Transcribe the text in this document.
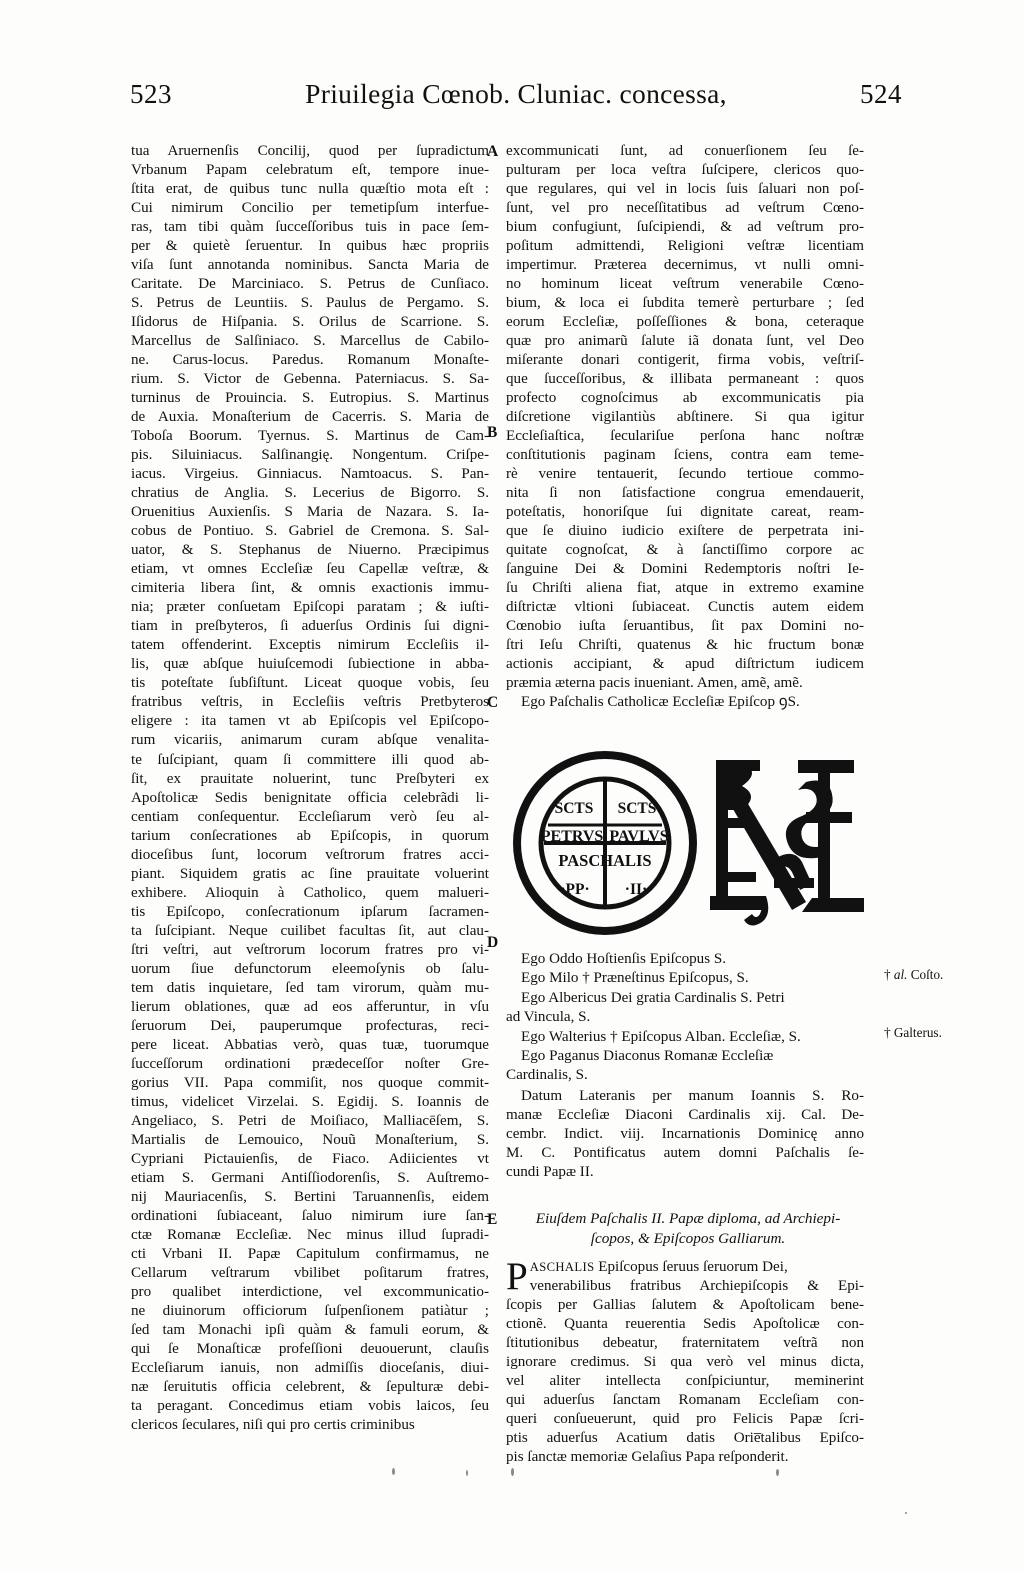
523	Priuilegia Cœnob. Cluniac. concessa,	524

tua Aruernenſis Concilij, quod per ſupradictum
Vrbanum Papam celebratum eſt, tempore inue-
ſtita erat, de quibus tunc nulla quæſtio mota eſt :
Cui nimirum Concilio per temetipſum interfue-
ras, tam tibi quàm ſucceſſoribus tuis in pace ſem-
per & quietè ſeruentur. In quibus hæc propriis
viſa ſunt annotanda nominibus. Sancta Maria de
Caritate. De Marciniaco. S. Petrus de Cunſiaco.
S. Petrus de Leuntiis. S. Paulus de Pergamo. S.
Iſidorus de Hiſpania. S. Orilus de Scarrione. S.
Marcellus de Salſiniaco. S. Marcellus de Cabilo-
ne. Carus-locus. Paredus. Romanum Monaſte-
rium. S. Victor de Gebenna. Paterniacus. S. Sa-
turninus de Prouincia. S. Eutropius. S. Martinus
de Auxia. Monaſterium de Cacerris. S. Maria de
Toboſa Boorum. Tyernus. S. Martinus de Cam-
pis. Siluiniacus. Salſinangię. Nongentum. Criſpe-
iacus. Virgeius. Ginniacus. Namtoacus. S. Pan-
chratius de Anglia. S. Lecerius de Bigorro. S.
Oruenitius Auxienſis. S Maria de Nazara. S. Ia-
cobus de Pontiuo. S. Gabriel de Cremona. S. Sal-
uator, & S. Stephanus de Niuerno. Præcipimus
etiam, vt omnes Eccleſiæ ſeu Capellæ veſtræ, &
cimiteria libera ſint, & omnis exactionis immu-
nia; præter conſuetam Epiſcopi paratam ; & iuſti-
tiam in preſbyteros, ſi aduerſus Ordinis ſui digni-
tatem offenderint. Exceptis nimirum Eccleſiis il-
lis, quæ abſque huiuſcemodi ſubiectione in abba-
tis poteſtate ſubſiſtunt. Liceat quoque vobis, ſeu
fratribus veſtris, in Eccleſiis veſtris Pretbyteros
eligere : ita tamen vt ab Epiſcopis vel Epiſcopo-
rum vicariis, animarum curam abſque venalita-
te ſuſcipiant, quam ſi committere illi quod ab-
ſit, ex prauitate noluerint, tunc Preſbyteri ex
Apoſtolicæ Sedis benignitate officia celebrãdi li-
centiam conſequentur. Eccleſiarum verò ſeu al-
tarium conſecrationes ab Epiſcopis, in quorum
dioceſibus ſunt, locorum veſtrorum fratres acci-
piant. Siquidem gratis ac ſine prauitate voluerint
exhibere. Alioquin à Catholico, quem malueri-
tis Epiſcopo, conſecrationum ipſarum ſacramen-
ta ſuſcipiant. Neque cuilibet facultas ſit, aut clau-
ſtri veſtri, aut veſtrorum locorum fratres pro vi-
uorum ſiue defunctorum eleemoſynis ob ſalu-
tem datis inquietare, ſed tam virorum, quàm mu-
lierum oblationes, quæ ad eos afferuntur, in vſu
ſeruorum Dei, pauperumque profecturas, reci-
pere liceat. Abbatias verò, quas tuæ, tuorumque
ſucceſſorum ordinationi prædeceſſor noſter Gre-
gorius VII. Papa commiſit, nos quoque commit-
timus, videlicet Virzelai. S. Egidij. S. Ioannis de
Angeliaco, S. Petri de Moiſiaco, Malliacēſem, S.
Martialis de Lemouico, Nouũ Monaſterium, S.
Cypriani Pictauienſis, de Fiaco. Adiicientes vt
etiam S. Germani Antiſſiodorenſis, S. Auſtremo-
nij Mauriacenſis, S. Bertini Taruannenſis, eidem
ordinationi ſubiaceant, ſaluo nimirum iure ſan-
ctæ Romanæ Eccleſiæ. Nec minus illud ſupradi-
cti Vrbani II. Papæ Capitulum confirmamus, ne
Cellarum veſtrarum vbilibet poſitarum fratres,
pro qualibet interdictione, vel excommunicatio-
ne diuinorum officiorum ſuſpenſionem patiàtur ;
ſed tam Monachi ipſi quàm & famuli eorum, &
qui ſe Monaſticæ profeſſioni deuouerunt, clauſis
Eccleſiarum ianuis, non admiſſis dioceſanis, diui-
næ ſeruitutis officia celebrent, & ſepulturæ debi-
ta peragant. Concedimus etiam vobis laicos, ſeu
clericos ſeculares, niſi qui pro certis criminibus

excommunicati ſunt, ad conuerſionem ſeu ſe-
pulturam per loca veſtra ſuſcipere, clericos quo-
que regulares, qui vel in locis ſuis ſaluari non poſ-
ſunt, vel pro neceſſitatibus ad veſtrum Cœno-
bium confugiunt, ſuſcipiendi, & ad veſtrum pro-
poſitum admittendi, Religioni veſtræ licentiam
impertimur. Præterea decernimus, vt nulli omni-
no hominum liceat veſtrum venerabile Cœno-
bium, & loca ei ſubdita temerè perturbare ; ſed
eorum Eccleſiæ, poſſeſſiones & bona, ceteraque
quæ pro animarũ ſalute iã donata ſunt, vel Deo
miſerante donari contigerit, firma vobis, veſtriſ-
que ſucceſſoribus, & illibata permaneant : quos
profecto cognoſcimus ab excommunicatis pia
diſcretione vigilantiùs abſtinere. Si qua igitur
Eccleſiaſtica, ſeculariſue perſona hanc noſtræ
conſtitutionis paginam ſciens, contra eam teme-
rè venire tentauerit, ſecundo tertioue commo-
nita ſi non ſatisfactione congrua emendauerit,
poteſtatis, honoriſque ſui dignitate careat, ream-
que ſe diuino iudicio exiſtere de perpetrata ini-
quitate cognoſcat, & à ſanctiſſimo corpore ac
ſanguine Dei & Domini Redemptoris noſtri Ie-
ſu Chriſti aliena fiat, atque in extremo examine
diſtrictæ vltioni ſubiaceat. Cunctis autem eidem
Cœnobio iuſta ſeruantibus, ſit pax Domini no-
ſtri Ieſu Chriſti, quatenus & hic fructum bonæ
actionis accipiant, & apud diſtrictum iudicem
præmia æterna pacis inueniant. Amen, amẽ, amẽ.

Ego Paſchalis Catholicæ Eccleſiæ Epiſcop ꝯS.

A
B
C
D
E
SCTS SCTS
PETRVS PAVLVS
PASCHALIS
·PP· ·II·
Ego Oddo Hoſtienſis Epiſcopus S.
Ego Milo † Præneſtinus Epiſcopus, S.
Ego Albericus Dei gratia Cardinalis S. Petri
ad Vincula, S.
Ego Walterius † Epiſcopus Alban. Eccleſiæ, S.
Ego Paganus Diaconus Romanæ Eccleſiæ
Cardinalis, S.
† al. Coſto.
† Galterus.
Datum Lateranis per manum Ioannis S. Ro-
manæ Eccleſiæ Diaconi Cardinalis xij. Cal. De-
cembr. Indict. viij. Incarnationis Dominicę anno
M. C. Pontificatus autem domni Paſchalis ſe-
cundi Papæ II.
Eiuſdem Paſchalis II. Papæ diploma, ad Archiepi-
ſcopos, & Epiſcopos Galliarum.
PASCHALIS Epiſcopus ſeruus ſeruorum Dei,
venerabilibus fratribus Archiepiſcopis & Epi-
ſcopis per Gallias ſalutem & Apoſtolicam bene-
ctionẽ. Quanta reuerentia Sedis Apoſtolicæ con-
ſtitutionibus debeatur, fraternitatem veſtrã non
ignorare credimus. Si qua verò vel minus dicta,
vel aliter intellecta conſpiciuntur, meminerint
qui aduerſus ſanctam Romanam Eccleſiam con-
queri conſueuerunt, quid pro Felicis Papæ ſcri-
ptis aduerſus Acatium datis Orie̅talibus Epiſco-
pis ſanctæ memoriæ Gelaſius Papa reſponderit.
